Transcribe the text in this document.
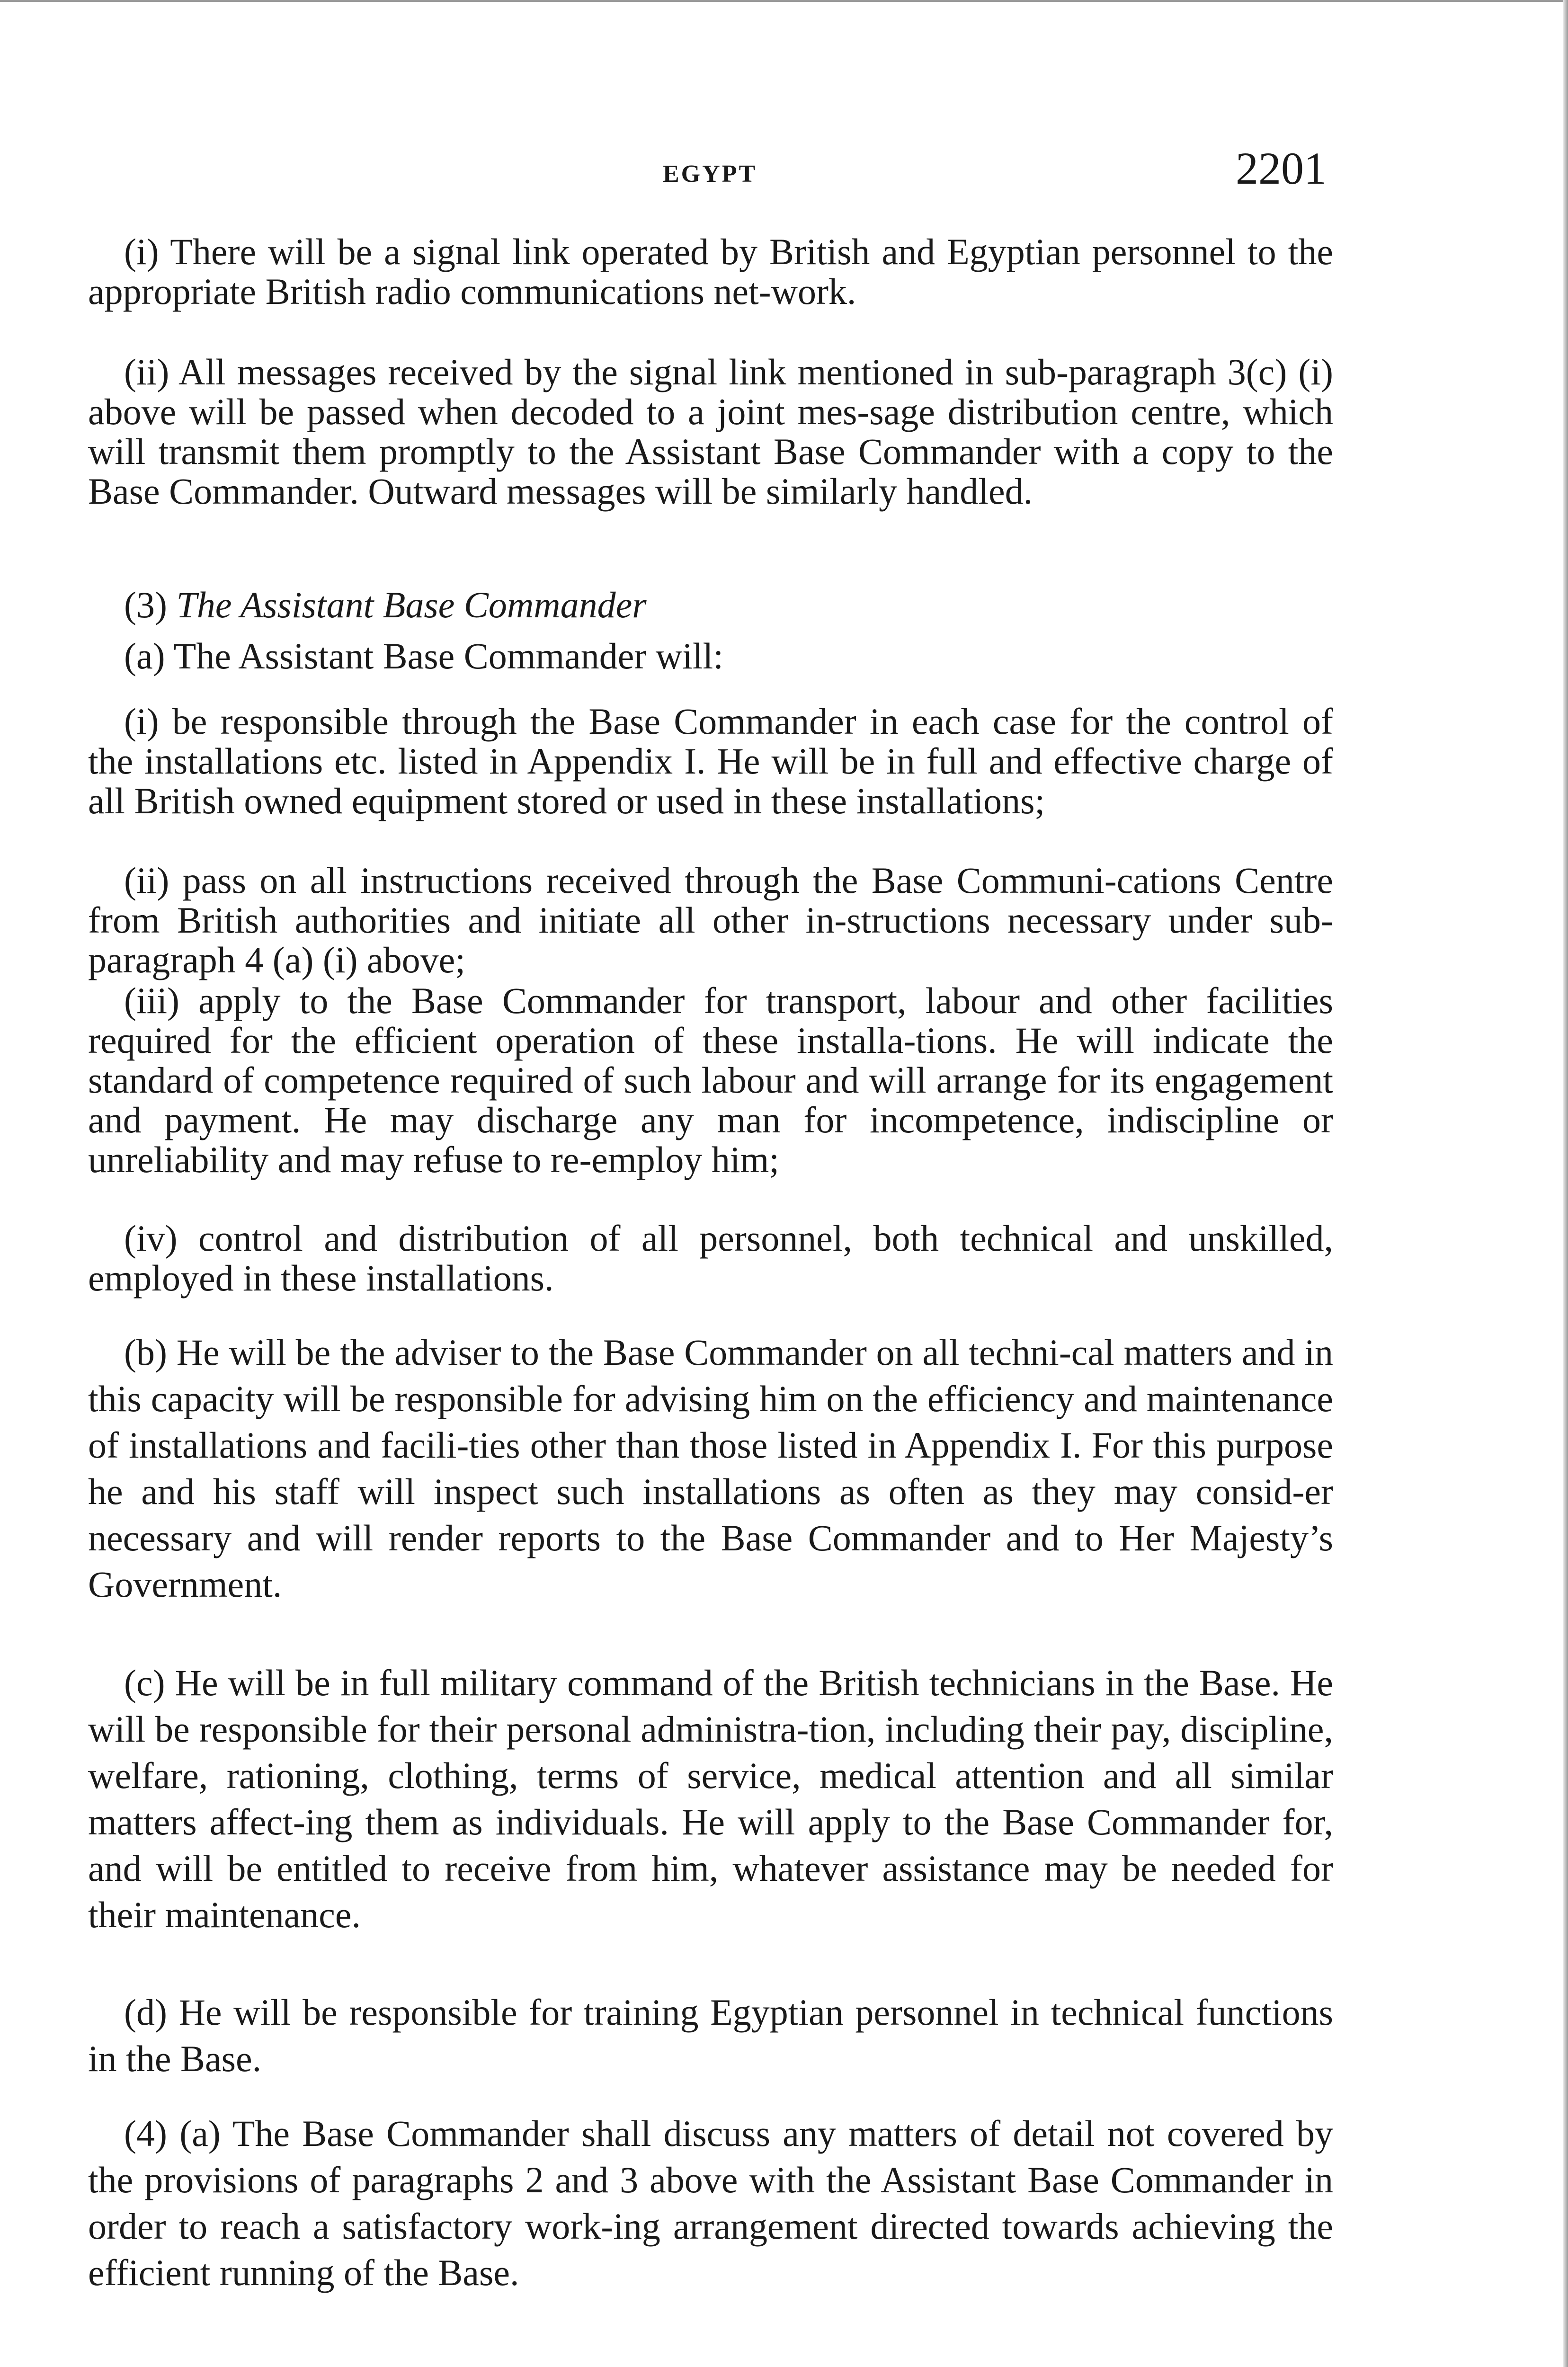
EGYPT	2201

(i) There will be a signal link operated by British and Egyptian personnel to the appropriate British radio communications net-work.

(ii) All messages received by the signal link mentioned in sub-paragraph 3(c) (i) above will be passed when decoded to a joint mes-sage distribution centre, which will transmit them promptly to the Assistant Base Commander with a copy to the Base Commander. Outward messages will be similarly handled.

(3) The Assistant Base Commander

(a) The Assistant Base Commander will:

(i) be responsible through the Base Commander in each case for the control of the installations etc. listed in Appendix I. He will be in full and effective charge of all British owned equipment stored or used in these installations;

(ii) pass on all instructions received through the Base Communi-cations Centre from British authorities and initiate all other in-structions necessary under sub-paragraph 4 (a) (i) above;

(iii) apply to the Base Commander for transport, labour and other facilities required for the efficient operation of these installa-tions. He will indicate the standard of competence required of such labour and will arrange for its engagement and payment. He may discharge any man for incompetence, indiscipline or unreliability and may refuse to re-employ him;

(iv) control and distribution of all personnel, both technical and unskilled, employed in these installations.

(b) He will be the adviser to the Base Commander on all techni-cal matters and in this capacity will be responsible for advising him on the efficiency and maintenance of installations and facili-ties other than those listed in Appendix I. For this purpose he and his staff will inspect such installations as often as they may consid-er necessary and will render reports to the Base Commander and to Her Majesty’s Government.

(c) He will be in full military command of the British technicians in the Base. He will be responsible for their personal administra-tion, including their pay, discipline, welfare, rationing, clothing, terms of service, medical attention and all similar matters affect-ing them as individuals. He will apply to the Base Commander for, and will be entitled to receive from him, whatever assistance may be needed for their maintenance.

(d) He will be responsible for training Egyptian personnel in technical functions in the Base.

(4) (a) The Base Commander shall discuss any matters of detail not covered by the provisions of paragraphs 2 and 3 above with the Assistant Base Commander in order to reach a satisfactory work-ing arrangement directed towards achieving the efficient running of the Base.
